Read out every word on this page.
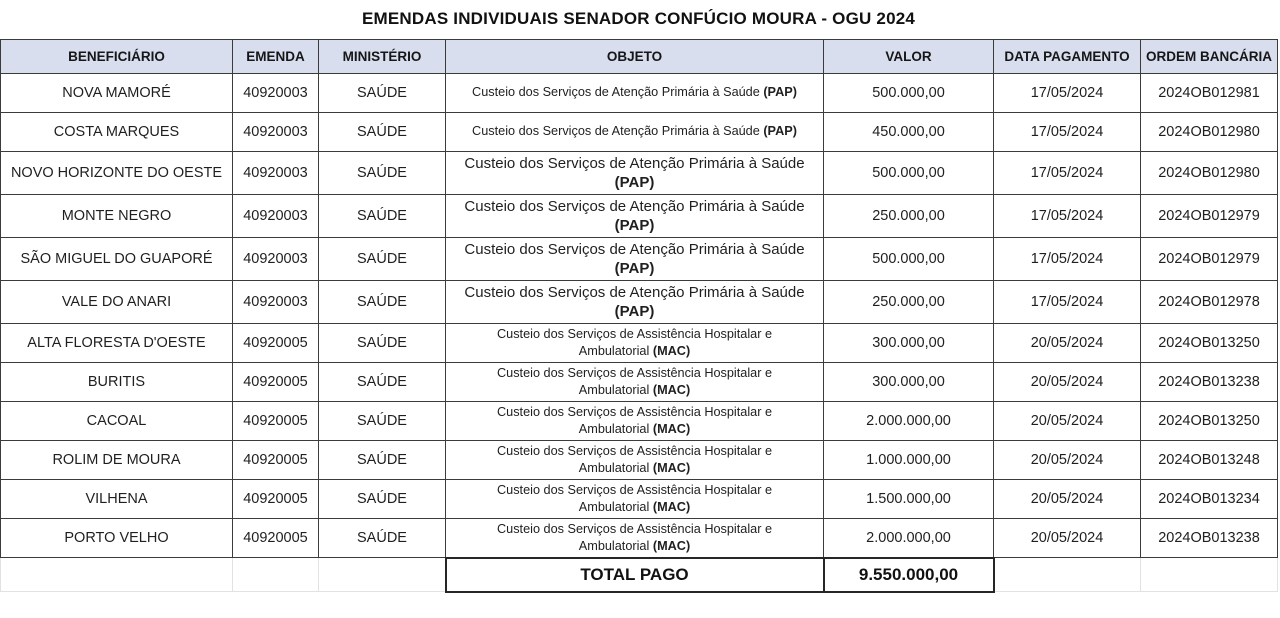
EMENDAS INDIVIDUAIS SENADOR CONFÚCIO MOURA - OGU 2024
BENEFICIÁRIO	EMENDA	MINISTÉRIO	OBJETO	VALOR	DATA PAGAMENTO	ORDEM BANCÁRIA
NOVA MAMORÉ	40920003	SAÚDE	Custeio dos Serviços de Atenção Primária à Saúde (PAP)	500.000,00	17/05/2024	2024OB012981
COSTA MARQUES	40920003	SAÚDE	Custeio dos Serviços de Atenção Primária à Saúde (PAP)	450.000,00	17/05/2024	2024OB012980
NOVO HORIZONTE DO OESTE	40920003	SAÚDE	Custeio dos Serviços de Atenção Primária à Saúde
(PAP)	500.000,00	17/05/2024	2024OB012980
MONTE NEGRO	40920003	SAÚDE	Custeio dos Serviços de Atenção Primária à Saúde
(PAP)	250.000,00	17/05/2024	2024OB012979
SÃO MIGUEL DO GUAPORÉ	40920003	SAÚDE	Custeio dos Serviços de Atenção Primária à Saúde
(PAP)	500.000,00	17/05/2024	2024OB012979
VALE DO ANARI	40920003	SAÚDE	Custeio dos Serviços de Atenção Primária à Saúde
(PAP)	250.000,00	17/05/2024	2024OB012978
ALTA FLORESTA D'OESTE	40920005	SAÚDE	Custeio dos Serviços de Assistência Hospitalar e
Ambulatorial (MAC)	300.000,00	20/05/2024	2024OB013250
BURITIS	40920005	SAÚDE	Custeio dos Serviços de Assistência Hospitalar e
Ambulatorial (MAC)	300.000,00	20/05/2024	2024OB013238
CACOAL	40920005	SAÚDE	Custeio dos Serviços de Assistência Hospitalar e
Ambulatorial (MAC)	2.000.000,00	20/05/2024	2024OB013250
ROLIM DE MOURA	40920005	SAÚDE	Custeio dos Serviços de Assistência Hospitalar e
Ambulatorial (MAC)	1.000.000,00	20/05/2024	2024OB013248
VILHENA	40920005	SAÚDE	Custeio dos Serviços de Assistência Hospitalar e
Ambulatorial (MAC)	1.500.000,00	20/05/2024	2024OB013234
PORTO VELHO	40920005	SAÚDE	Custeio dos Serviços de Assistência Hospitalar e
Ambulatorial (MAC)	2.000.000,00	20/05/2024	2024OB013238
			TOTAL PAGO	9.550.000,00		
